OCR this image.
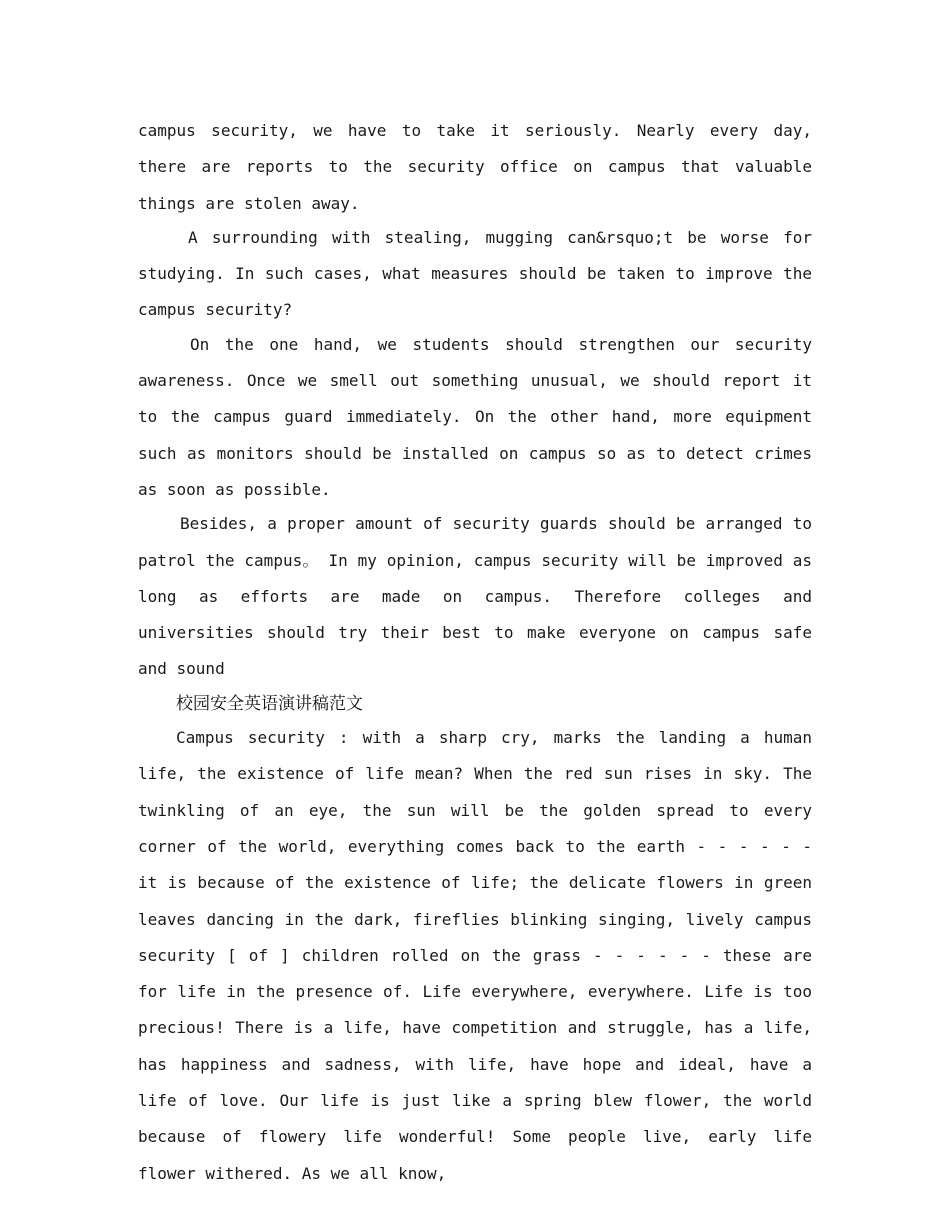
campus security, we have to take it seriously. Nearly every day, there are reports to the security office on campus that valuable things are stolen away.

A surrounding with stealing, mugging can&rsquo;t be worse for studying. In such cases, what measures should be taken to improve the campus security?

On the one hand, we students should strengthen our security awareness. Once we smell out something unusual, we should report it to the campus guard immediately. On the other hand, more equipment such as monitors should be installed on campus so as to detect crimes as soon as possible.

Besides, a proper amount of security guards should be arranged to patrol the campus。 In my opinion, campus security will be improved as long as efforts are made on campus. Therefore colleges and universities should try their best to make everyone on campus safe and sound

校园安全英语演讲稿范文

Campus security : with a sharp cry, marks the landing a human life, the existence of life mean? When the red sun rises in sky. The twinkling of an eye, the sun will be the golden spread to every corner of the world, everything comes back to the earth - - - - - - it is because of the existence of life; the delicate flowers in green leaves dancing in the dark, fireflies blinking singing, lively campus security [ of ] children rolled on the grass - - - - - - these are for life in the presence of. Life everywhere, everywhere. Life is too precious! There is a life, have competition and struggle, has a life, has happiness and sadness, with life, have hope and ideal, have a life of love. Our life is just like a spring blew flower, the world because of flowery life wonderful! Some people live, early life flower withered. As we all know,
